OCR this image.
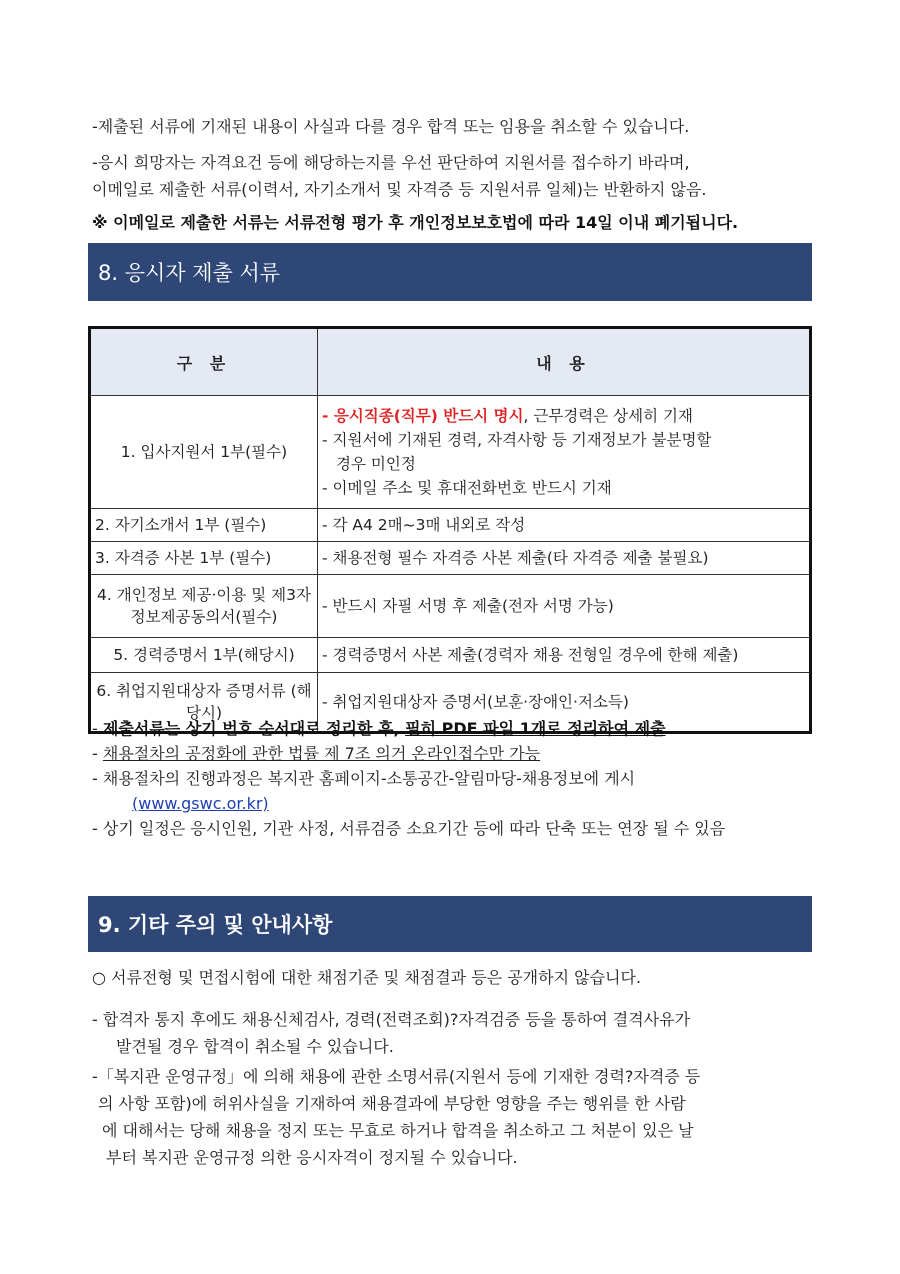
-제출된 서류에 기재된 내용이 사실과 다를 경우 합격 또는 임용을 취소할 수 있습니다.
-응시 희망자는 자격요건 등에 해당하는지를 우선 판단하여 지원서를 접수하기 바라며,
이메일로 제출한 서류(이력서, 자기소개서 및 자격증 등 지원서류 일체)는 반환하지 않음.
※ 이메일로 제출한 서류는 서류전형 평가 후 개인정보보호법에 따라 14일 이내 폐기됩니다.
8. 응시자 제출 서류
구 분	내 용
1. 입사지원서 1부(필수)	- 응시직종(직무) 반드시 명시, 근무경력은 상세히 기재
- 지원서에 기재된 경력, 자격사항 등 기재정보가 불분명할
경우 미인정
- 이메일 주소 및 휴대전화번호 반드시 기재

2. 자기소개서 1부 (필수)	- 각 A4 2매~3매 내외로 작성
3. 자격증 사본 1부 (필수)	- 채용전형 필수 자격증 사본 제출(타 자격증 제출 불필요)
4. 개인정보 제공·이용 및 제3자정보제공동의서(필수)	- 반드시 자필 서명 후 제출(전자 서명 가능)
5. 경력증명서 1부(해당시)	- 경력증명서 사본 제출(경력자 채용 전형일 경우에 한해 제출)
6. 취업지원대상자 증명서류 (해당시)	- 취업지원대상자 증명서(보훈·장애인·저소득)
- 제출서류는 상기 번호 순서대로 정리한 후, 필히 PDF 파일 1개로 정리하여 제출
- 채용절차의 공정화에 관한 법률 제 7조 의거 온라인접수만 가능
- 채용절차의 진행과정은 복지관 홈페이지-소통공간-알림마당-채용정보에 게시
(www.gswc.or.kr)
- 상기 일정은 응시인원, 기관 사정, 서류검증 소요기간 등에 따라 단축 또는 연장 될 수 있음
9. 기타 주의 및 안내사항
○ 서류전형 및 면접시험에 대한 채점기준 및 채점결과 등은 공개하지 않습니다.
- 합격자 통지 후에도 채용신체검사, 경력(전력조회)?자격검증 등을 통하여 결격사유가
발견될 경우 합격이 취소될 수 있습니다.
-「복지관 운영규정」에 의해 채용에 관한 소명서류(지원서 등에 기재한 경력?자격증 등
의 사항 포함)에 허위사실을 기재하여 채용결과에 부당한 영향을 주는 행위를 한 사람
에 대해서는 당해 채용을 정지 또는 무효로 하거나 합격을 취소하고 그 처분이 있은 날
부터 복지관 운영규정 의한 응시자격이 정지될 수 있습니다.
